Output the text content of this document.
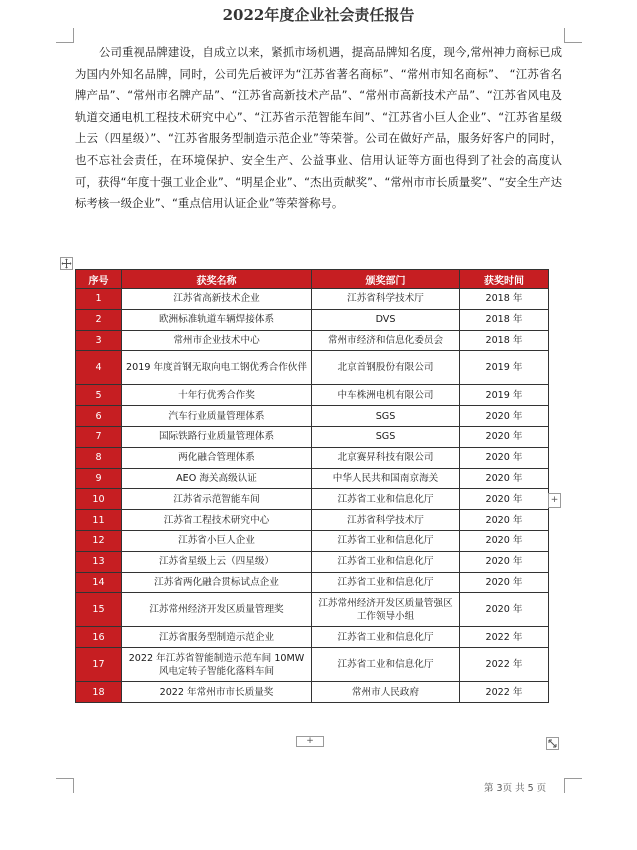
2022年度企业社会责任报告

公司重视品牌建设，自成立以来，紧抓市场机遇，提高品牌知名度，现今,常州神力商标已成为国内外知名品牌，同时，公司先后被评为“江苏省著名商标”、“常州市知名商标”、 “江苏省名牌产品”、“常州市名牌产品”、“江苏省高新技术产品”、“常州市高新技术产品”、“江苏省风电及轨道交通电机工程技术研究中心”、“江苏省示范智能车间”、“江苏省小巨人企业”、“江苏省星级上云（四星级）”、“江苏省服务型制造示范企业”等荣誉。公司在做好产品，服务好客户的同时，也不忘社会责任，在环境保护、安全生产、公益事业、信用认证等方面也得到了社会的高度认可，获得“年度十强工业企业”、“明星企业”、“杰出贡献奖”、“常州市市长质量奖”、“安全生产达标考核一级企业”、“重点信用认证企业”等荣誉称号。

序号	获奖名称	颁奖部门	获奖时间
1	江苏省高新技术企业	江苏省科学技术厅	2018 年
2	欧洲标准轨道车辆焊接体系	DVS	2018 年
3	常州市企业技术中心	常州市经济和信息化委员会	2018 年
4	2019 年度首钢无取向电工钢优秀合作伙伴	北京首钢股份有限公司	2019 年
5	十年行优秀合作奖	中车株洲电机有限公司	2019 年
6	汽车行业质量管理体系	SGS	2020 年
7	国际铁路行业质量管理体系	SGS	2020 年
8	两化融合管理体系	北京赛昇科技有限公司	2020 年
9	AEO 海关高级认证	中华人民共和国南京海关	2020 年
10	江苏省示范智能车间	江苏省工业和信息化厅	2020 年
11	江苏省工程技术研究中心	江苏省科学技术厅	2020 年
12	江苏省小巨人企业	江苏省工业和信息化厅	2020 年
13	江苏省星级上云（四星级）	江苏省工业和信息化厅	2020 年
14	江苏省两化融合贯标试点企业	江苏省工业和信息化厅	2020 年
15	江苏常州经济开发区质量管理奖	江苏常州经济开发区质量管强区工作领导小组	2020 年
16	江苏省服务型制造示范企业	江苏省工业和信息化厅	2022 年
17	2022 年江苏省智能制造示范车间 10MW 风电定转子智能化落料车间	江苏省工业和信息化厅	2022 年
18	2022 年常州市市长质量奖	常州市人民政府	2022 年
+
+
第 3页 共 5 页
